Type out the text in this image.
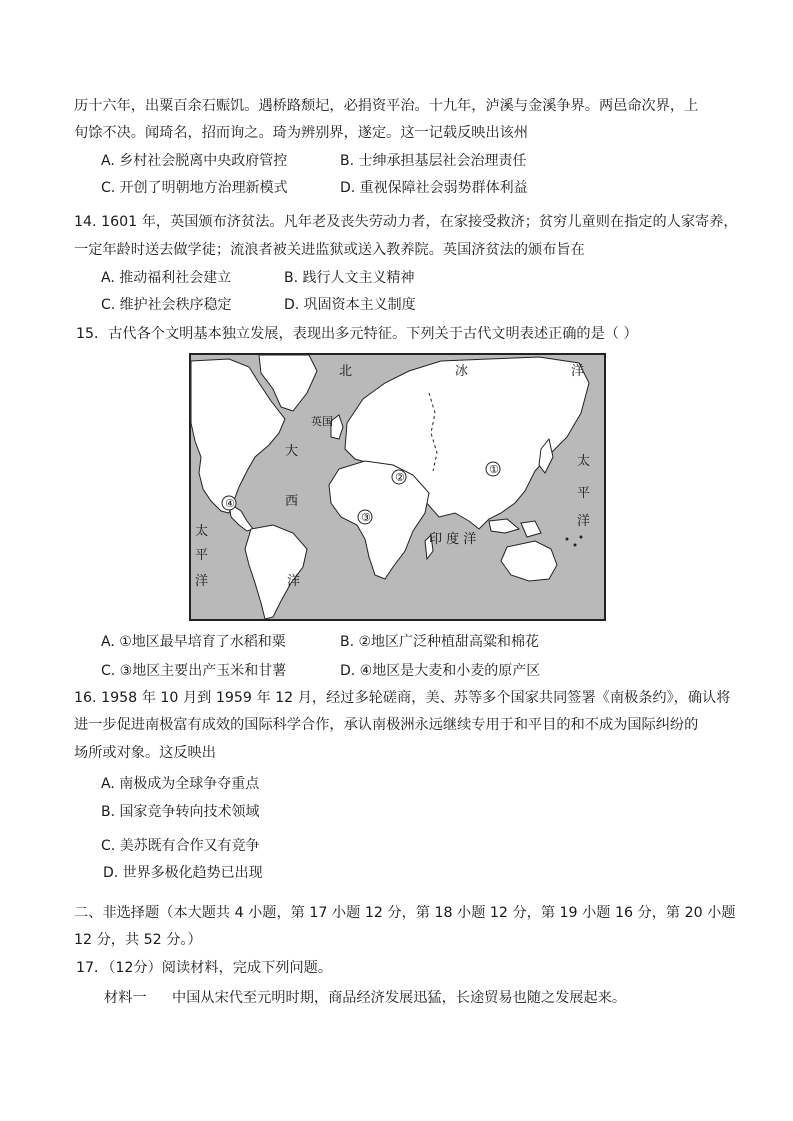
历十六年，出粟百余石赈饥。遇桥路颓圮，必捐资平治。十九年，泸溪与金溪争界。两邑命次界，上
旬馀不决。闻琦名，招而询之。琦为辨别界，遂定。这一记载反映出该州
A. 乡村社会脱离中央政府管控	B. 士绅承担基层社会治理责任
C. 开创了明朝地方治理新模式	D. 重视保障社会弱势群体利益
14. 1601 年，英国颁布济贫法。凡年老及丧失劳动力者，在家接受救济；贫穷儿童则在指定的人家寄养，
一定年龄时送去做学徒；流浪者被关进监狱或送入教养院。英国济贫法的颁布旨在
A. 推动福利社会建立	B. 践行人文主义精神
C. 维护社会秩序稳定	D. 巩固资本主义制度
15．古代各个文明基本独立发展，表现出多元特征。下列关于古代文明表述正确的是（ ）
北	冰	洋
英国
大
西
洋
太
平
洋
太
平
洋
印 度 洋
①
②
③
④
A. ①地区最早培育了水稻和粟	B. ②地区广泛种植甜高粱和棉花
C. ③地区主要出产玉米和甘薯	D. ④地区是大麦和小麦的原产区
16. 1958 年 10 月到 1959 年 12 月，经过多轮磋商，美、苏等多个国家共同签署《南极条约》，确认将
进一步促进南极富有成效的国际科学合作，承认南极洲永远继续专用于和平目的和不成为国际纠纷的
场所或对象。这反映出
A. 南极成为全球争夺重点
B. 国家竞争转向技术领域
C. 美苏既有合作又有竞争
D. 世界多极化趋势已出现
二、非选择题（本大题共 4 小题，第 17 小题 12 分，第 18 小题 12 分，第 19 小题 16 分，第 20 小题
12 分，共 52 分。）
17．（12分）阅读材料，完成下列问题。
材料一 中国从宋代至元明时期，商品经济发展迅猛，长途贸易也随之发展起来。
